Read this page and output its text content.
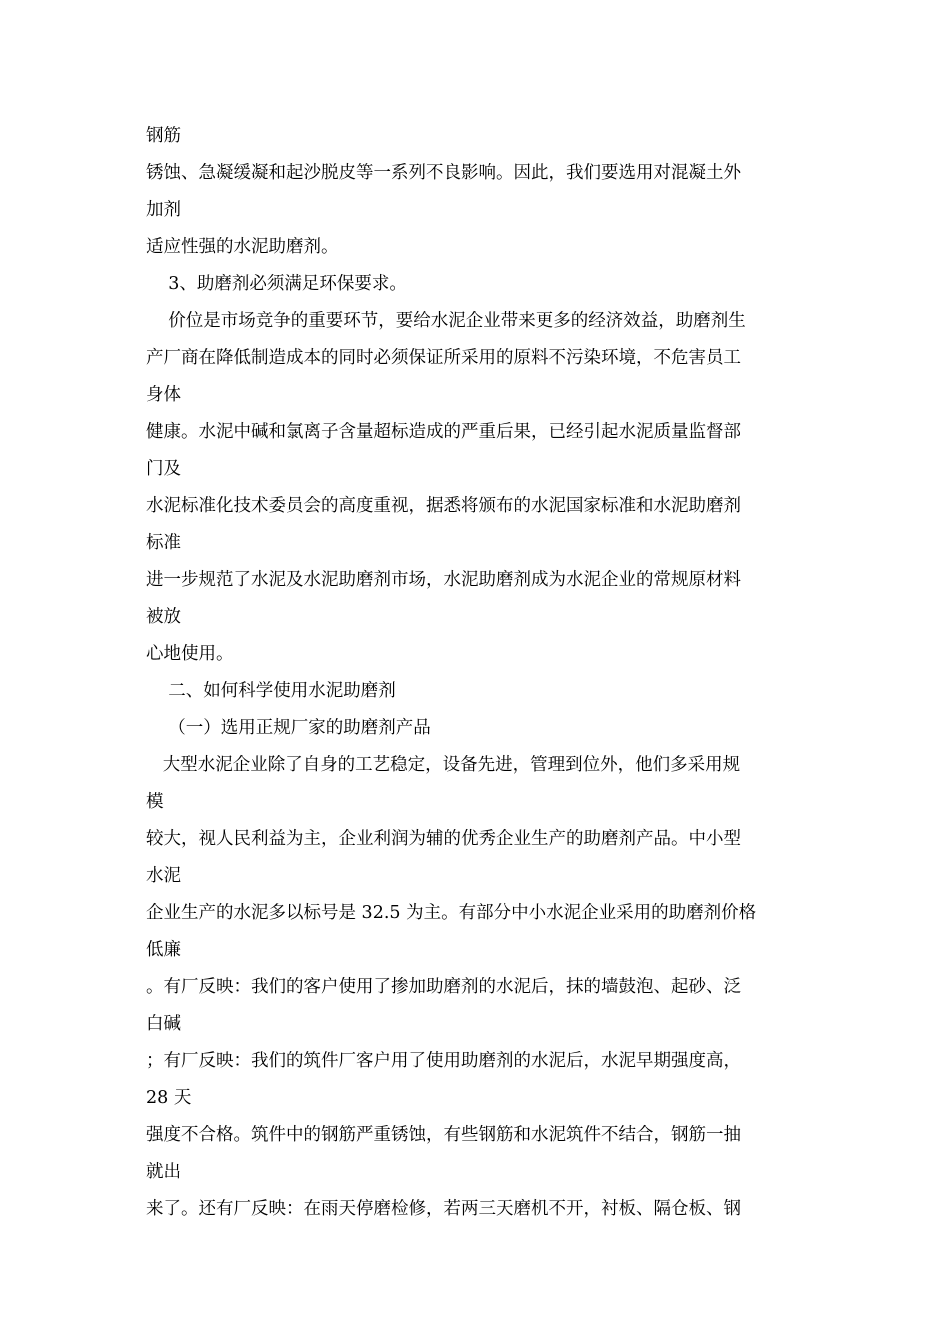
钢筋
锈蚀、急凝缓凝和起沙脱皮等一系列不良影响。因此，我们要选用对混凝土外
加剂
适应性强的水泥助磨剂。
3、助磨剂必须满足环保要求。
价位是市场竞争的重要环节，要给水泥企业带来更多的经济效益，助磨剂生
产厂商在降低制造成本的同时必须保证所采用的原料不污染环境，不危害员工
身体
健康。水泥中碱和氯离子含量超标造成的严重后果，已经引起水泥质量监督部
门及
水泥标准化技术委员会的高度重视，据悉将颁布的水泥国家标准和水泥助磨剂
标准
进一步规范了水泥及水泥助磨剂市场，水泥助磨剂成为水泥企业的常规原材料
被放
心地使用。
二、如何科学使用水泥助磨剂
（一）选用正规厂家的助磨剂产品
大型水泥企业除了自身的工艺稳定，设备先进，管理到位外，他们多采用规
模
较大，视人民利益为主，企业利润为辅的优秀企业生产的助磨剂产品。中小型
水泥
企业生产的水泥多以标号是 32.5 为主。有部分中小水泥企业采用的助磨剂价格
低廉
。有厂反映：我们的客户使用了掺加助磨剂的水泥后，抹的墙鼓泡、起砂、泛
白碱
；有厂反映：我们的筑件厂客户用了使用助磨剂的水泥后，水泥早期强度高，
28 天
强度不合格。筑件中的钢筋严重锈蚀，有些钢筋和水泥筑件不结合，钢筋一抽
就出
来了。还有厂反映：在雨天停磨检修，若两三天磨机不开，衬板、隔仓板、钢
